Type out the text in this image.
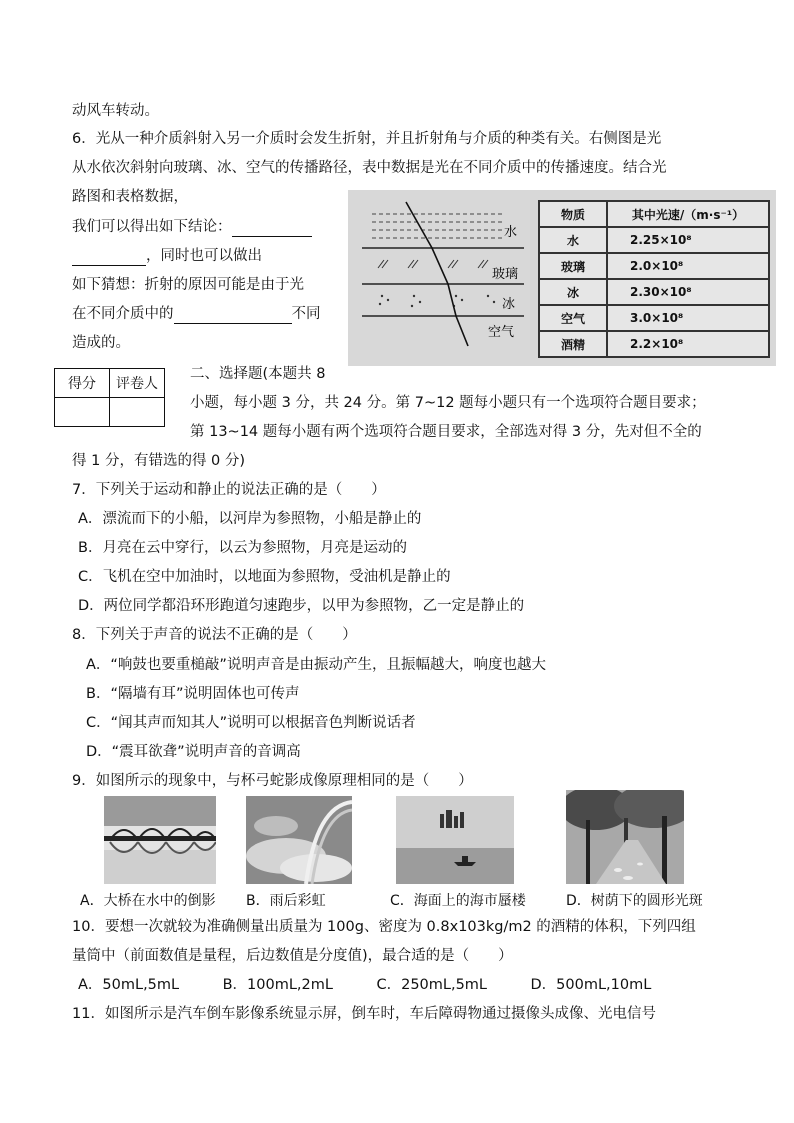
动风车转动。
6．光从一种介质斜射入另一介质时会发生折射，并且折射角与介质的种类有关。右侧图是光
从水依次斜射向玻璃、冰、空气的传播路径，表中数据是光在不同介质中的传播速度。结合光
路图和表格数据，
我们可以得出如下结论：
，同时也可以做出
如下猜想：折射的原因可能是由于光
在不同介质中的	不同
造成的。
水
玻璃
冰
空气
物质	其中光速/（m·s⁻¹）
水	2.25×10⁸
玻璃	2.0×10⁸
冰	2.30×10⁸
空气	3.0×10⁸
酒精	2.2×10⁸
得分	评卷人

二、选择题(本题共 8
小题，每小题 3 分，共 24 分。第 7~12 题每小题只有一个选项符合题目要求；
第 13~14 题每小题有两个选项符合题目要求，全部选对得 3 分，先对但不全的
得 1 分，有错选的得 0 分)
7．下列关于运动和静止的说法正确的是（　　）
A．漂流而下的小船，以河岸为参照物，小船是静止的
B．月亮在云中穿行，以云为参照物，月亮是运动的
C．飞机在空中加油时，以地面为参照物，受油机是静止的
D．两位同学都沿环形跑道匀速跑步，以甲为参照物，乙一定是静止的
8．下列关于声音的说法不正确的是（　　）
A．“响鼓也要重槌敲”说明声音是由振动产生，且振幅越大，响度也越大
B．“隔墙有耳”说明固体也可传声
C．“闻其声而知其人”说明可以根据音色判断说话者
D．“震耳欲聋”说明声音的音调高
9．如图所示的现象中，与杯弓蛇影成像原理相同的是（　　）
A．大桥在水中的倒影 B．雨后彩虹	C．海面上的海市蜃楼	D．树荫下的圆形光斑
10．要想一次就较为准确侧量出质量为 100g、密度为 0.8x103kg/m2 的酒精的体积，下列四组
量筒中（前面数值是量程，后边数值是分度值)，最合适的是（　　）
A．50mL,5mL　　　B．100mL,2mL　　　C．250mL,5mL　　　D．500mL,10mL
11．如图所示是汽车倒车影像系统显示屏，倒车时，车后障碍物通过摄像头成像、光电信号
